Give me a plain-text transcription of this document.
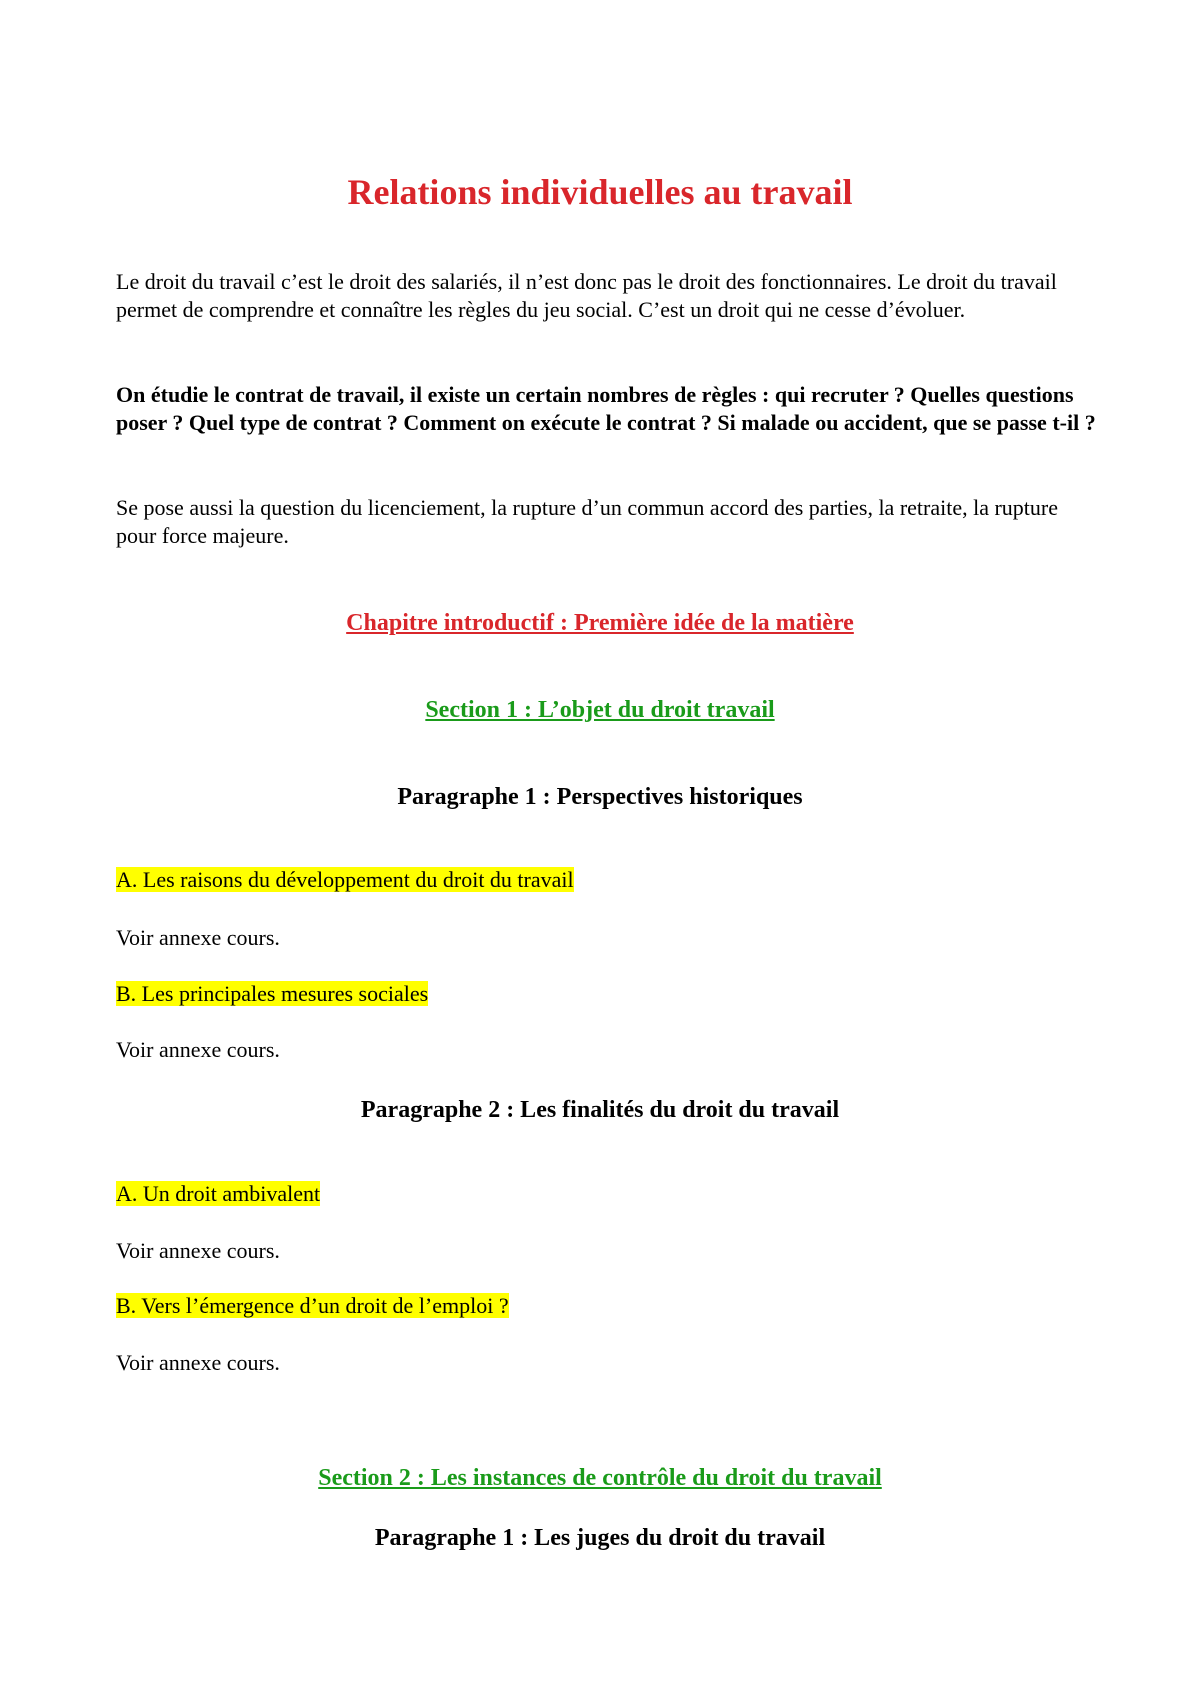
Relations individuelles au travail

Le droit du travail c’est le droit des salariés, il n’est donc pas le droit des fonctionnaires. Le droit du travail permet de comprendre et connaître les règles du jeu social. C’est un droit qui ne cesse d’évoluer.

On étudie le contrat de travail, il existe un certain nombres de règles : qui recruter ? Quelles questions poser ? Quel type de contrat ? Comment on exécute le contrat ? Si malade ou accident, que se passe t-il ?

Se pose aussi la question du licenciement, la rupture d’un commun accord des parties, la retraite, la rupture pour force majeure.

Chapitre introductif : Première idée de la matière
Section 1 : L’objet du droit travail
Paragraphe 1 : Perspectives historiques

A. Les raisons du développement du droit du travail

Voir annexe cours.

B. Les principales mesures sociales

Voir annexe cours.

Paragraphe 2 : Les finalités du droit du travail

A. Un droit ambivalent

Voir annexe cours.

B. Vers l’émergence d’un droit de l’emploi ?

Voir annexe cours.

Section 2 : Les instances de contrôle du droit du travail
Paragraphe 1 : Les juges du droit du travail
